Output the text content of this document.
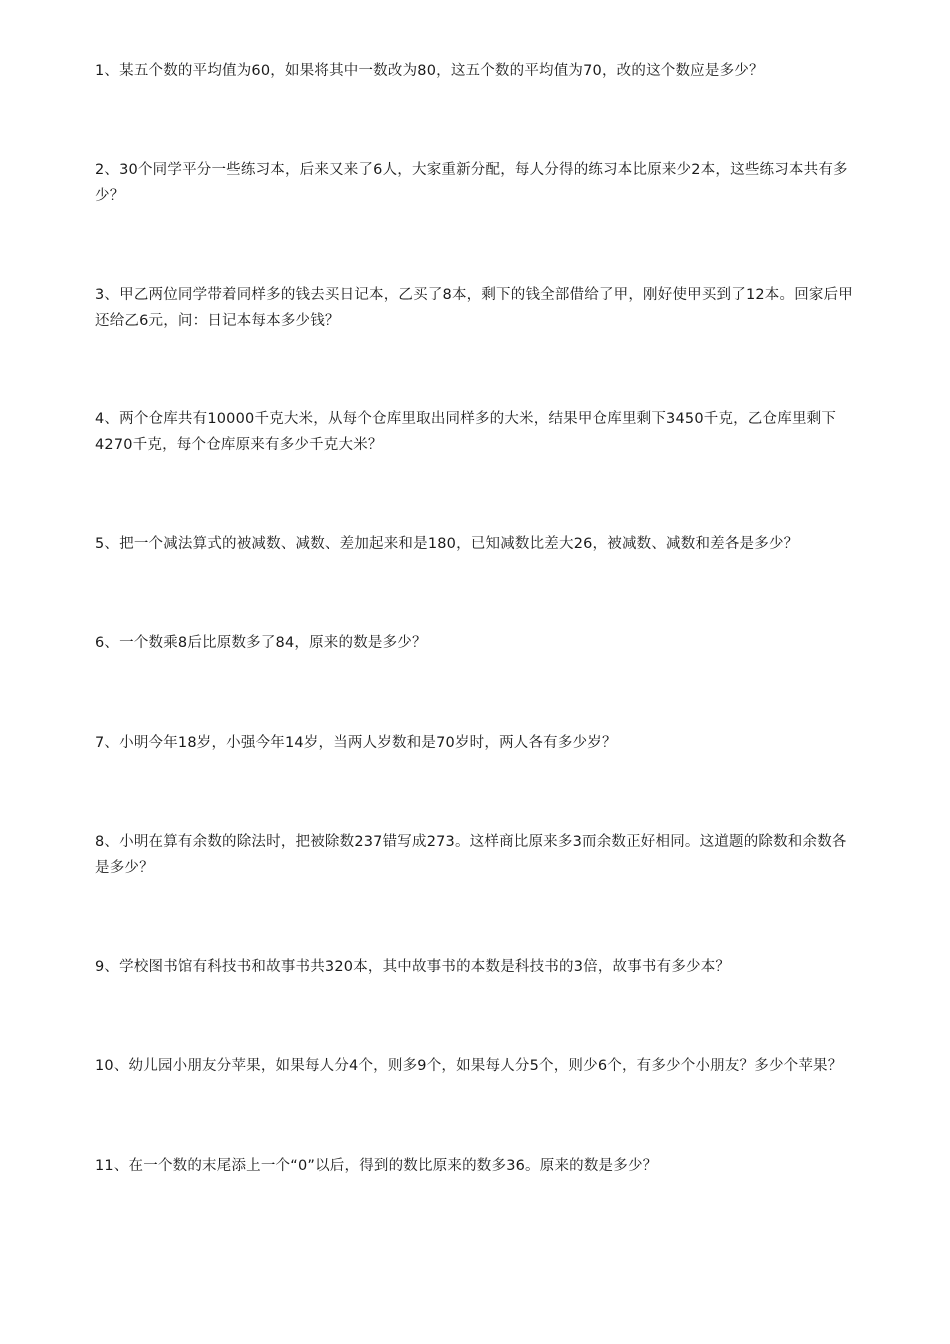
1、某五个数的平均值为60，如果将其中一数改为80，这五个数的平均值为70，改的这个数应是多少？

2、30个同学平分一些练习本，后来又来了6人，大家重新分配，每人分得的练习本比原来少2本，这些练习本共有多少？

3、甲乙两位同学带着同样多的钱去买日记本，乙买了8本，剩下的钱全部借给了甲，刚好使甲买到了12本。回家后甲还给乙6元，问：日记本每本多少钱？

4、两个仓库共有10000千克大米，从每个仓库里取出同样多的大米，结果甲仓库里剩下3450千克，乙仓库里剩下4270千克，每个仓库原来有多少千克大米？

5、把一个减法算式的被减数、减数、差加起来和是180，已知减数比差大26，被减数、减数和差各是多少？

6、一个数乘8后比原数多了84，原来的数是多少？

7、小明今年18岁，小强今年14岁，当两人岁数和是70岁时，两人各有多少岁？

8、小明在算有余数的除法时，把被除数237错写成273。这样商比原来多3而余数正好相同。这道题的除数和余数各是多少？

9、学校图书馆有科技书和故事书共320本，其中故事书的本数是科技书的3倍，故事书有多少本？

10、幼儿园小朋友分苹果，如果每人分4个，则多9个，如果每人分5个，则少6个，有多少个小朋友？多少个苹果？

11、在一个数的末尾添上一个“0”以后，得到的数比原来的数多36。原来的数是多少？
